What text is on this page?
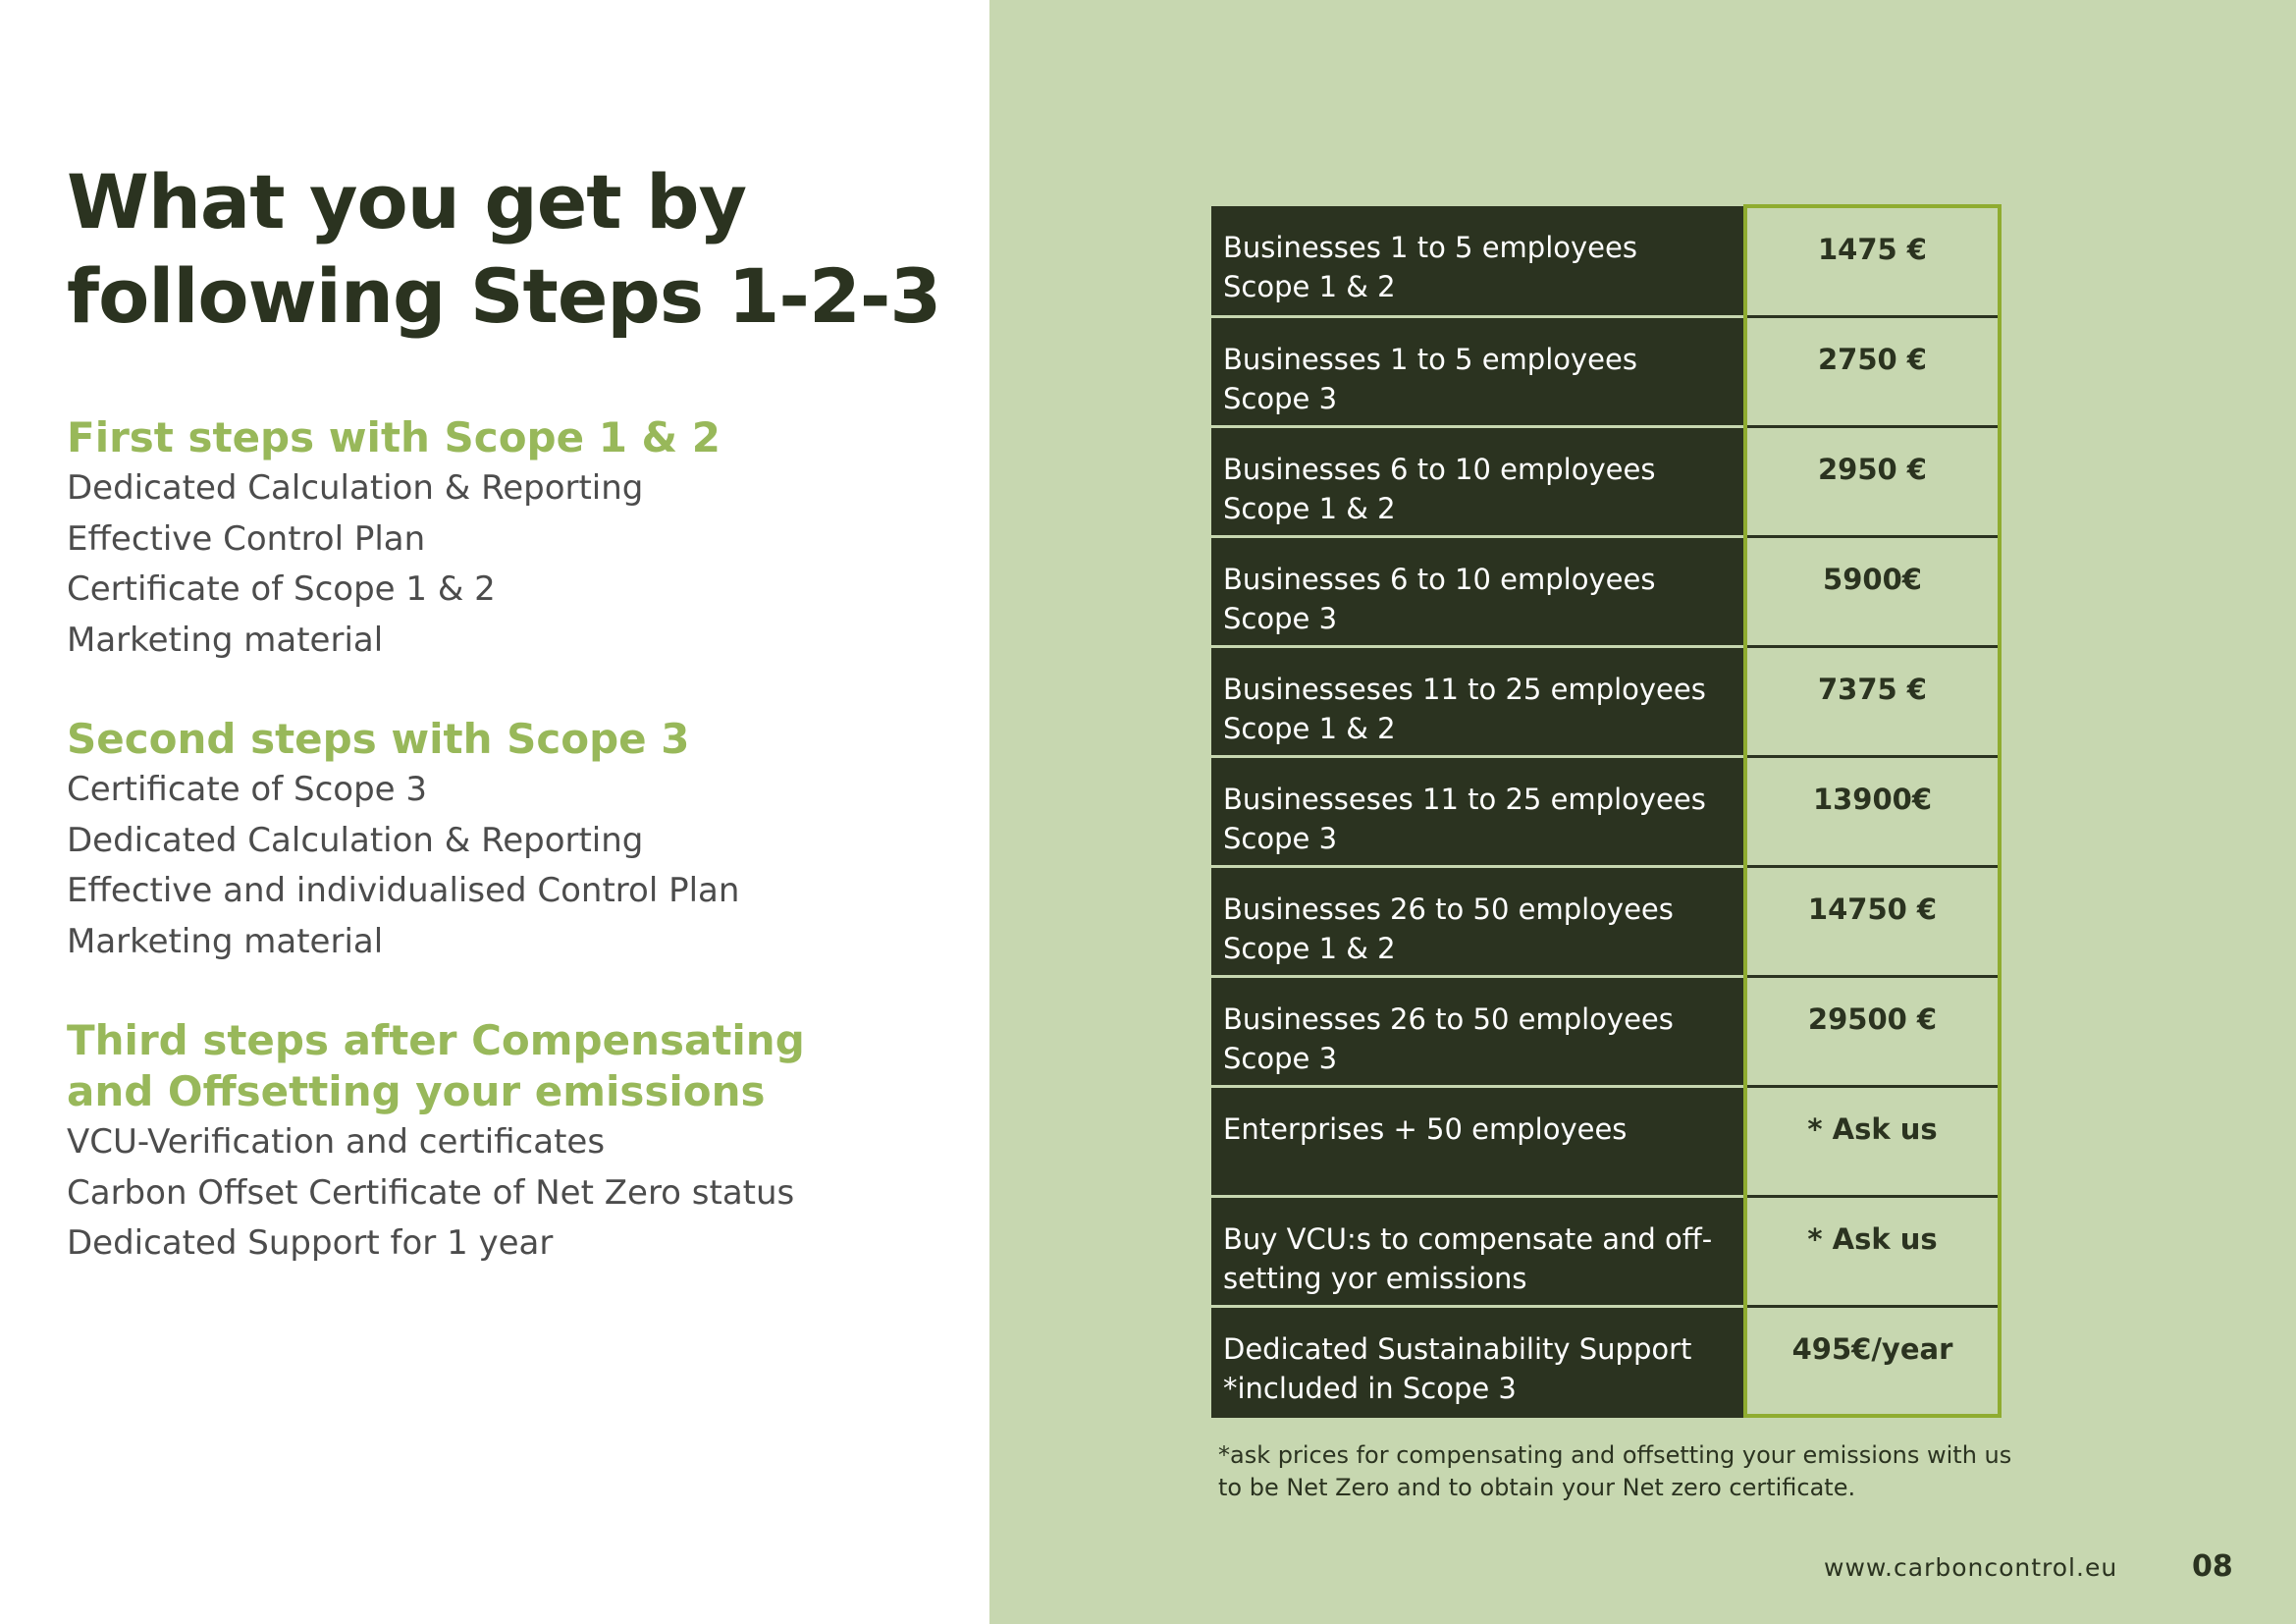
What you get by
following Steps 1-2-3
First steps with Scope 1 & 2
Dedicated Calculation & Reporting
Effective Control Plan
Certificate of Scope 1 & 2
Marketing material
Second steps with Scope 3
Certificate of Scope 3
Dedicated Calculation & Reporting
Effective and individualised Control Plan
Marketing material
Third steps after Compensating
and Offsetting your emissions
VCU-Verification and certificates
Carbon Offset Certificate of Net Zero status
Dedicated Support for 1 year
Businesses 1 to 5 employees
Scope 1 & 2	1475 €

Businesses 1 to 5 employees
Scope 3	2750 €

Businesses 6 to 10 employees
Scope 1 & 2	2950 €

Businesses 6 to 10 employees
Scope 3	5900€

Businesseses 11 to 25 employees
Scope 1 & 2	7375 €

Businesseses 11 to 25 employees
Scope 3	13900€

Businesses 26 to 50 employees
Scope 1 & 2	14750 €

Businesses 26 to 50 employees
Scope 3	29500 €

Enterprises + 50 employees	* Ask us

Buy VCU:s to compensate and off-
setting yor emissions	* Ask us

Dedicated Sustainability Support
*included in Scope 3	495€/year

*ask prices for compensating and offsetting your emissions with us
to be Net Zero and to obtain your Net zero certificate.

www.carboncontrol.eu	08
